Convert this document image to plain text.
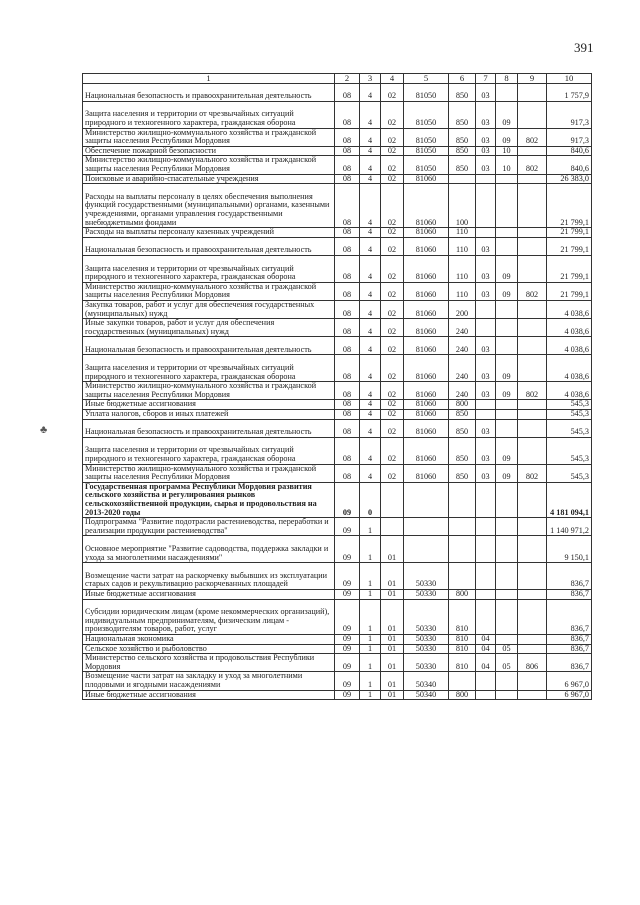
391
♣
1	2	3	4	5	6	7	8	9	10
Национальная безопасность и правоохранительная деятельность	08	4	02	81050	850	03			1 757,9
Защита населения и территории от чрезвычайных ситуаций природного и техногенного характера, гражданская оборона	08	4	02	81050	850	03	09		917,3
Министерство жилищно-коммунального хозяйства и гражданской защиты населения Республики Мордовия	08	4	02	81050	850	03	09	802	917,3
Обеспечение пожарной безопасности	08	4	02	81050	850	03	10		840,6
Министерство жилищно-коммунального хозяйства и гражданской защиты населения Республики Мордовия	08	4	02	81050	850	03	10	802	840,6
Поисковые и аварийно-спасательные учреждения	08	4	02	81060					26 383,0
Расходы на выплаты персоналу в целях обеспечения выполнения функций государственными (муниципальными) органами, казенными учреждениями, органами управления государственными внебюджетными фондами	08	4	02	81060	100				21 799,1
Расходы на выплаты персоналу казенных учреждений	08	4	02	81060	110				21 799,1
Национальная безопасность и правоохранительная деятельность	08	4	02	81060	110	03			21 799,1
Защита населения и территории от чрезвычайных ситуаций природного и техногенного характера, гражданская оборона	08	4	02	81060	110	03	09		21 799,1
Министерство жилищно-коммунального хозяйства и гражданской защиты населения Республики Мордовия	08	4	02	81060	110	03	09	802	21 799,1
Закупка товаров, работ и услуг для обеспечения государственных (муниципальных) нужд	08	4	02	81060	200				4 038,6
Иные закупки товаров, работ и услуг для обеспечения государственных (муниципальных) нужд	08	4	02	81060	240				4 038,6
Национальная безопасность и правоохранительная деятельность	08	4	02	81060	240	03			4 038,6
Защита населения и территории от чрезвычайных ситуаций природного и техногенного характера, гражданская оборона	08	4	02	81060	240	03	09		4 038,6
Министерство жилищно-коммунального хозяйства и гражданской защиты населения Республики Мордовия	08	4	02	81060	240	03	09	802	4 038,6
Иные бюджетные ассигнования	08	4	02	81060	800				545,3
Уплата налогов, сборов и иных платежей	08	4	02	81060	850				545,3
Национальная безопасность и правоохранительная деятельность	08	4	02	81060	850	03			545,3
Защита населения и территории от чрезвычайных ситуаций природного и техногенного характера, гражданская оборона	08	4	02	81060	850	03	09		545,3
Министерство жилищно-коммунального хозяйства и гражданской защиты населения Республики Мордовия	08	4	02	81060	850	03	09	802	545,3
Государственная программа Республики Мордовия развития сельского хозяйства и регулирования рынков сельскохозяйственной продукции, сырья и продовольствия на 2013-2020 годы	09	0							4 181 094,1
Подпрограмма "Развитие подотрасли растениеводства, переработки и реализации продукции растениеводства"	09	1							1 140 971,2
Основное мероприятие "Развитие садоводства, поддержка закладки и ухода за многолетними насаждениями"	09	1	01						9 150,1
Возмещение части затрат на раскорчевку выбывших из эксплуатации старых садов и рекультивацию раскорчеванных площадей	09	1	01	50330					836,7
Иные бюджетные ассигнования	09	1	01	50330	800				836,7
Субсидии юридическим лицам (кроме некоммерческих организаций), индивидуальным предпринимателям, физическим лицам - производителям товаров, работ, услуг	09	1	01	50330	810				836,7
Национальная экономика	09	1	01	50330	810	04			836,7
Сельское хозяйство и рыболовство	09	1	01	50330	810	04	05		836,7
Министерство сельского хозяйства и продовольствия Республики Мордовия	09	1	01	50330	810	04	05	806	836,7
Возмещение части затрат на закладку и уход за многолетними плодовыми и ягодными насаждениями	09	1	01	50340					6 967,0
Иные бюджетные ассигнования	09	1	01	50340	800				6 967,0
